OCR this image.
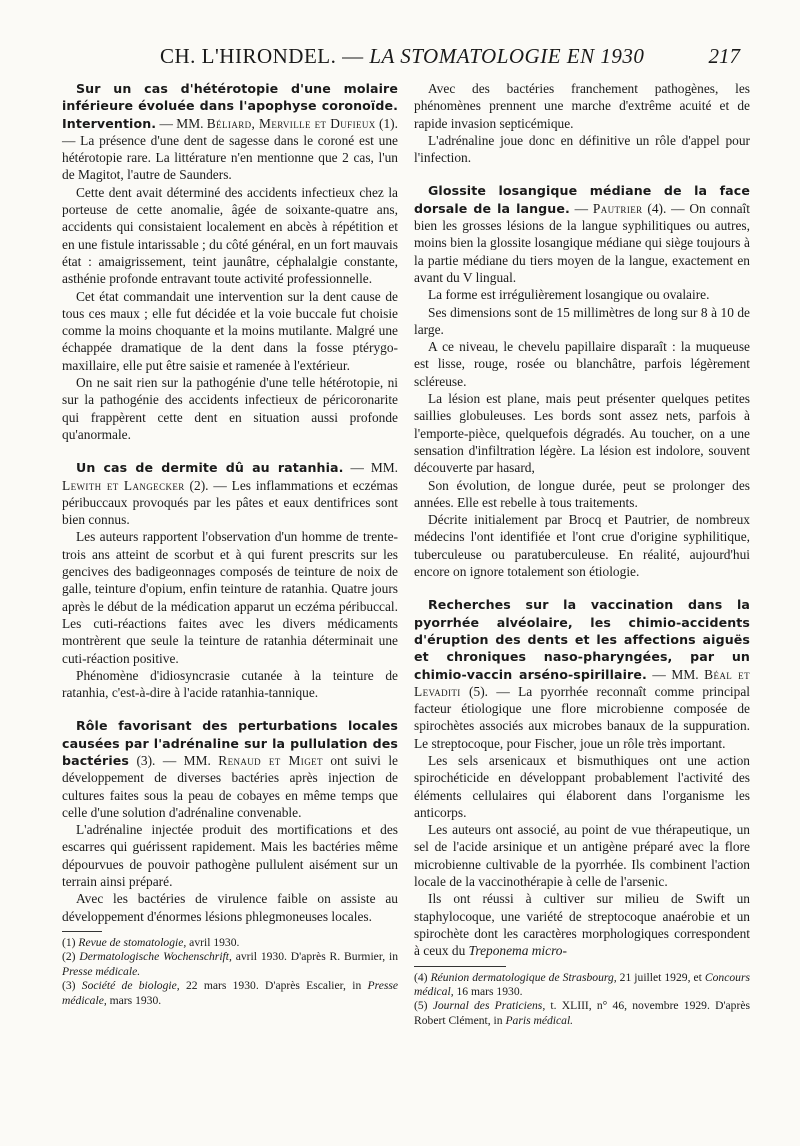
CH. L'HIRONDEL. — LA STOMATOLOGIE EN 1930	217

Sur un cas d'hétérotopie d'une molaire inférieure évoluée dans l'apophyse coronoïde. Intervention. — MM. Béliard, Merville et Dufieux (1). — La présence d'une dent de sagesse dans le coroné est une hétérotopie rare. La littérature n'en mentionne que 2 cas, l'un de Magitot, l'autre de Saunders.

Cette dent avait déterminé des accidents infectieux chez la porteuse de cette anomalie, âgée de soixante-quatre ans, accidents qui consistaient localement en abcès à répétition et en une fistule intarissable ; du côté général, en un fort mauvais état : amaigrissement, teint jaunâtre, céphalalgie constante, asthénie profonde entravant toute activité professionnelle.

Cet état commandait une intervention sur la dent cause de tous ces maux ; elle fut décidée et la voie buccale fut choisie comme la moins choquante et la moins mutilante. Malgré une échappée dramatique de la dent dans la fosse ptérygo-maxillaire, elle put être saisie et ramenée à l'extérieur.

On ne sait rien sur la pathogénie d'une telle hétérotopie, ni sur la pathogénie des accidents infectieux de péricoronarite qui frappèrent cette dent en situation aussi profonde qu'anormale.

Un cas de dermite dû au ratanhia. — MM. Lewith et Langecker (2). — Les inflammations et eczémas péribuccaux provoqués par les pâtes et eaux dentifrices sont bien connus.

Les auteurs rapportent l'observation d'un homme de trente-trois ans atteint de scorbut et à qui furent prescrits sur les gencives des badigeonnages composés de teinture de noix de galle, teinture d'opium, enfin teinture de ratanhia. Quatre jours après le début de la médication apparut un eczéma péribuccal. Les cuti-réactions faites avec les divers médicaments montrèrent que seule la teinture de ratanhia déterminait une cuti-réaction positive.

Phénomène d'idiosyncrasie cutanée à la teinture de ratanhia, c'est-à-dire à l'acide ratanhia-tannique.

Rôle favorisant des perturbations locales causées par l'adrénaline sur la pullulation des bactéries (3). — MM. Renaud et Miget ont suivi le développement de diverses bactéries après injection de cultures faites sous la peau de cobayes en même temps que celle d'une solution d'adrénaline convenable.

L'adrénaline injectée produit des mortifications et des escarres qui guérissent rapidement. Mais les bactéries même dépourvues de pouvoir pathogène pullulent aisément sur un terrain ainsi préparé.

Avec les bactéries de virulence faible on assiste au développement d'énormes lésions phlegmoneuses locales.

(1) Revue de stomatologie, avril 1930.

(2) Dermatologische Wochenschrift, avril 1930. D'après R. Burmier, in Presse médicale.

(3) Société de biologie, 22 mars 1930. D'après Escalier, in Presse médicale, mars 1930.

Avec des bactéries franchement pathogènes, les phénomènes prennent une marche d'extrême acuité et de rapide invasion septicémique.

L'adrénaline joue donc en définitive un rôle d'appel pour l'infection.

Glossite losangique médiane de la face dorsale de la langue. — Pautrier (4). — On connaît bien les grosses lésions de la langue syphilitiques ou autres, moins bien la glossite losangique médiane qui siège toujours à la partie médiane du tiers moyen de la langue, exactement en avant du V lingual.

La forme est irrégulièrement losangique ou ovalaire.

Ses dimensions sont de 15 millimètres de long sur 8 à 10 de large.

A ce niveau, le chevelu papillaire disparaît : la muqueuse est lisse, rouge, rosée ou blanchâtre, parfois légèrement scléreuse.

La lésion est plane, mais peut présenter quelques petites saillies globuleuses. Les bords sont assez nets, parfois à l'emporte-pièce, quelquefois dégradés. Au toucher, on a une sensation d'infiltration légère. La lésion est indolore, souvent découverte par hasard,

Son évolution, de longue durée, peut se prolonger des années. Elle est rebelle à tous traitements.

Décrite initialement par Brocq et Pautrier, de nombreux médecins l'ont identifiée et l'ont crue d'origine syphilitique, tuberculeuse ou paratuberculeuse. En réalité, aujourd'hui encore on ignore totalement son étiologie.

Recherches sur la vaccination dans la pyorrhée alvéolaire, les chimio-accidents d'éruption des dents et les affections aiguës et chroniques naso-pharyngées, par un chimio-vaccin arséno-spirillaire. — MM. Béal et Levaditi (5). — La pyorrhée reconnaît comme principal facteur étiologique une flore microbienne composée de spirochètes associés aux microbes banaux de la suppuration. Le streptocoque, pour Fischer, joue un rôle très important.

Les sels arsenicaux et bismuthiques ont une action spirochéticide en développant probablement l'activité des éléments cellulaires qui élaborent dans l'organisme les anticorps.

Les auteurs ont associé, au point de vue thérapeutique, un sel de l'acide arsinique et un antigène préparé avec la flore microbienne cultivable de la pyorrhée. Ils combinent l'action locale de la vaccinothérapie à celle de l'arsenic.

Ils ont réussi à cultiver sur milieu de Swift un staphylocoque, une variété de streptocoque anaérobie et un spirochète dont les caractères morphologiques correspondent à ceux du Treponema micro-

(4) Réunion dermatologique de Strasbourg, 21 juillet 1929, et Concours médical, 16 mars 1930.

(5) Journal des Praticiens, t. XLIII, n° 46, novembre 1929. D'après Robert Clément, in Paris médical.
